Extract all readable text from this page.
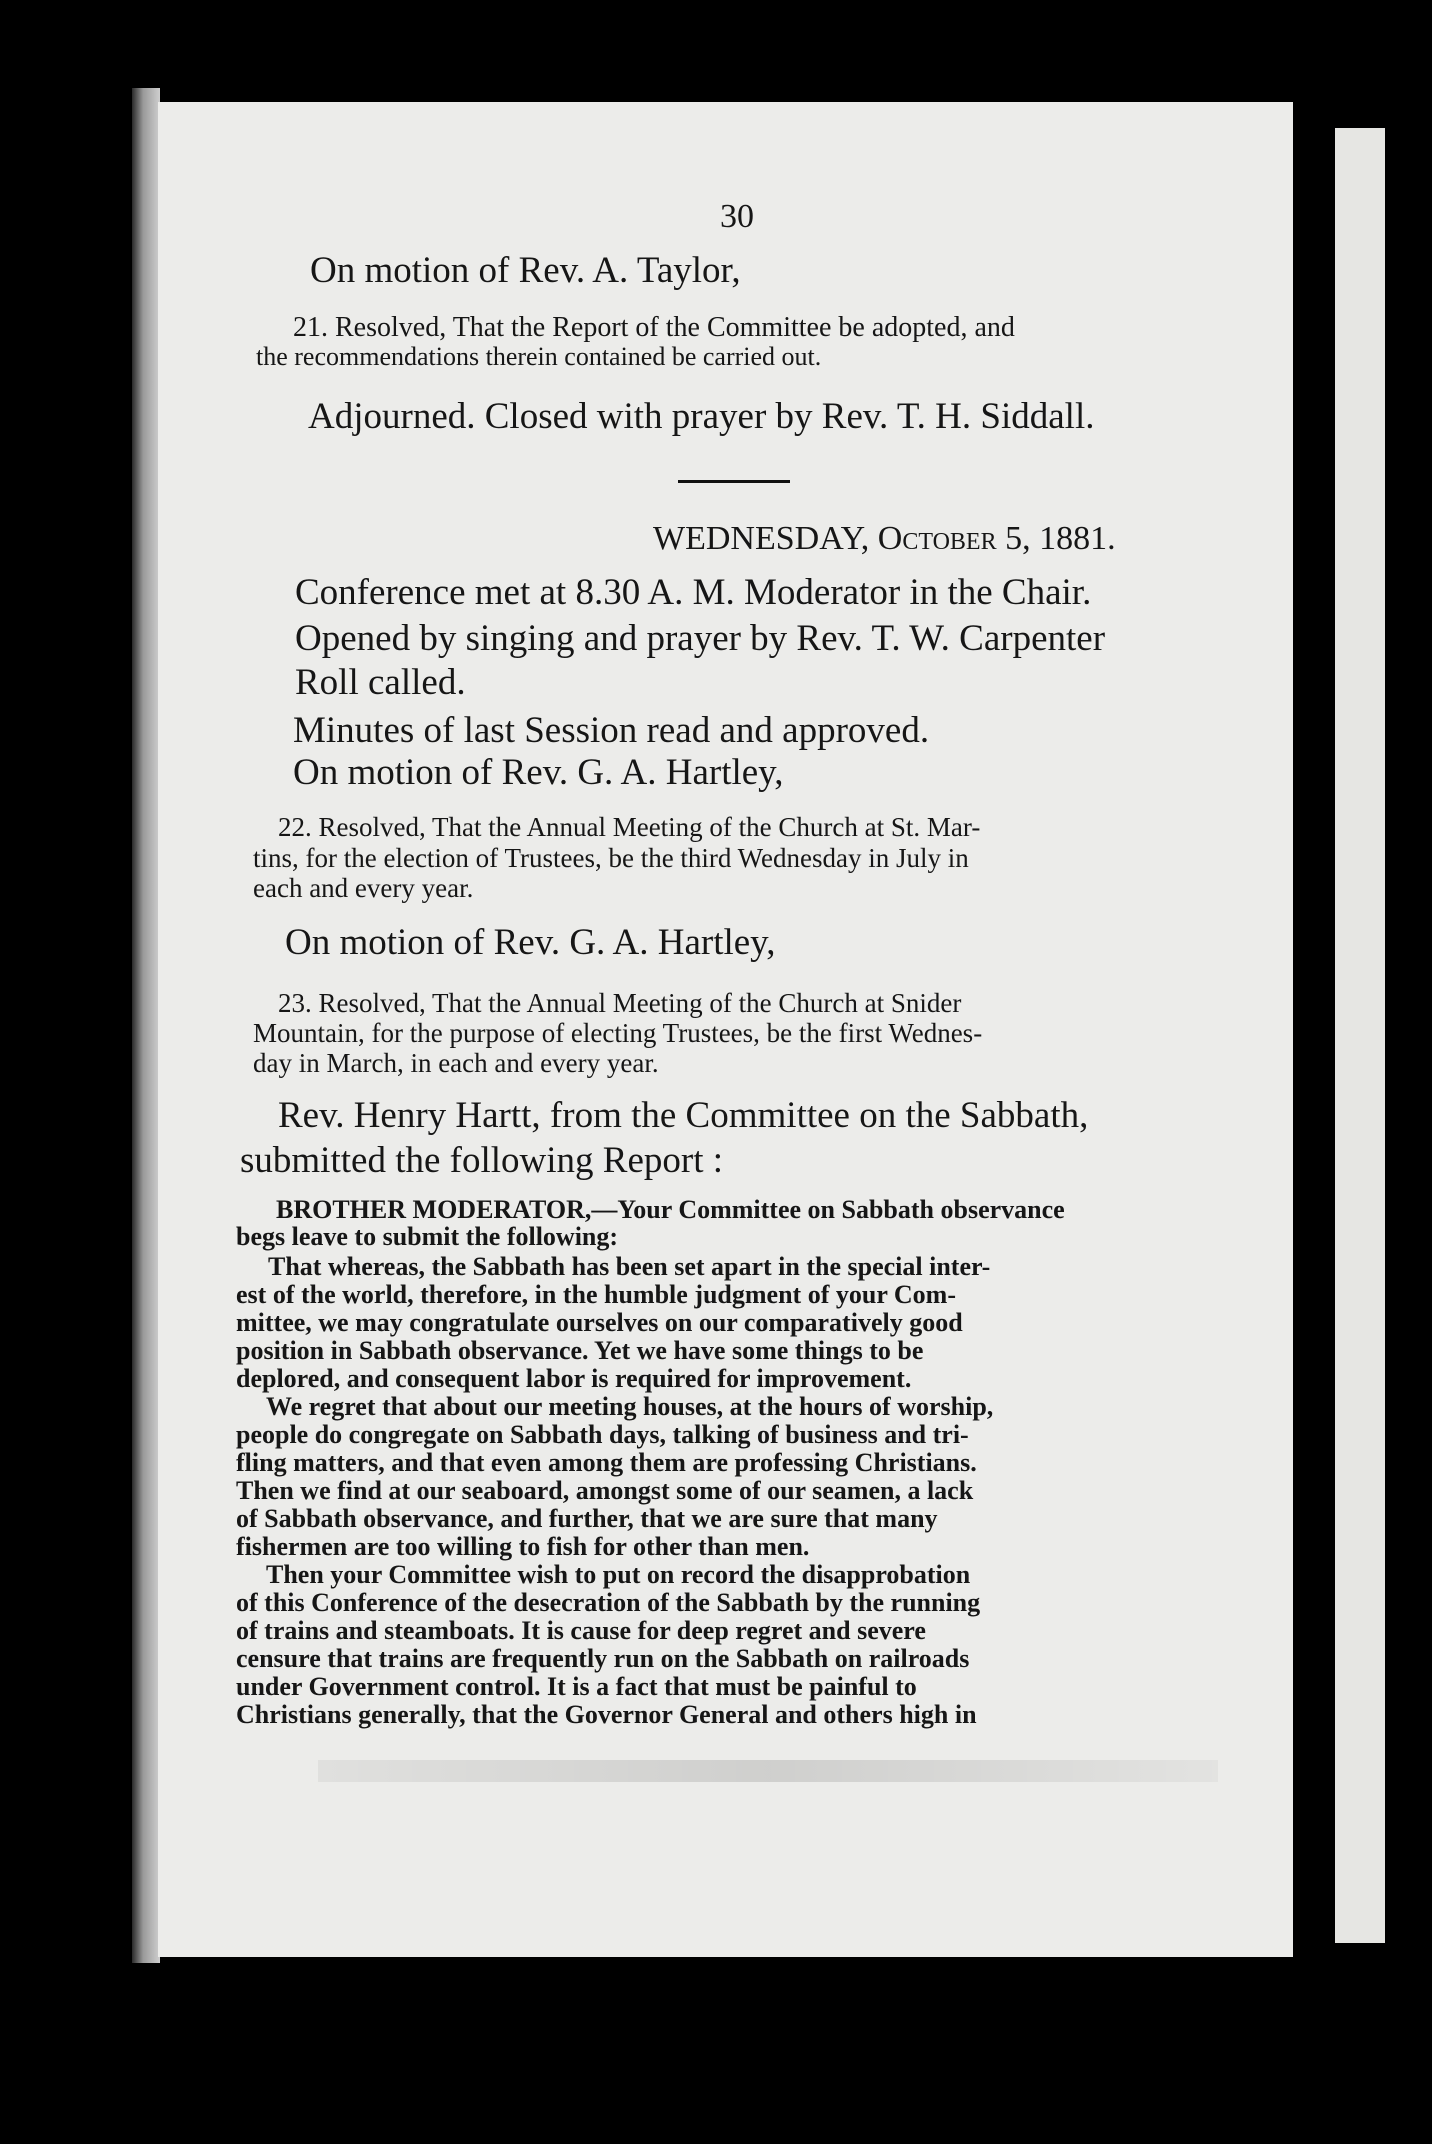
30
On motion of Rev. A. Taylor,
21. Resolved, That the Report of the Committee be adopted, and
the recommendations therein contained be carried out.
Adjourned. Closed with prayer by Rev. T. H. Siddall.
WEDNESDAY, October 5, 1881.
Conference met at 8.30 A. M. Moderator in the Chair.
Opened by singing and prayer by Rev. T. W. Carpenter
Roll called.
Minutes of last Session read and approved.
On motion of Rev. G. A. Hartley,
22. Resolved, That the Annual Meeting of the Church at St. Mar-
tins, for the election of Trustees, be the third Wednesday in July in
each and every year.
On motion of Rev. G. A. Hartley,
23. Resolved, That the Annual Meeting of the Church at Snider
Mountain, for the purpose of electing Trustees, be the first Wednes-
day in March, in each and every year.
Rev. Henry Hartt, from the Committee on the Sabbath,
submitted the following Report :
BROTHER MODERATOR,—Your Committee on Sabbath observance
begs leave to submit the following:
That whereas, the Sabbath has been set apart in the special inter-
est of the world, therefore, in the humble judgment of your Com-
mittee, we may congratulate ourselves on our comparatively good
position in Sabbath observance. Yet we have some things to be
deplored, and consequent labor is required for improvement.
We regret that about our meeting houses, at the hours of worship,
people do congregate on Sabbath days, talking of business and tri-
fling matters, and that even among them are professing Christians.
Then we find at our seaboard, amongst some of our seamen, a lack
of Sabbath observance, and further, that we are sure that many
fishermen are too willing to fish for other than men.
Then your Committee wish to put on record the disapprobation
of this Conference of the desecration of the Sabbath by the running
of trains and steamboats. It is cause for deep regret and severe
censure that trains are frequently run on the Sabbath on railroads
under Government control. It is a fact that must be painful to
Christians generally, that the Governor General and others high in
